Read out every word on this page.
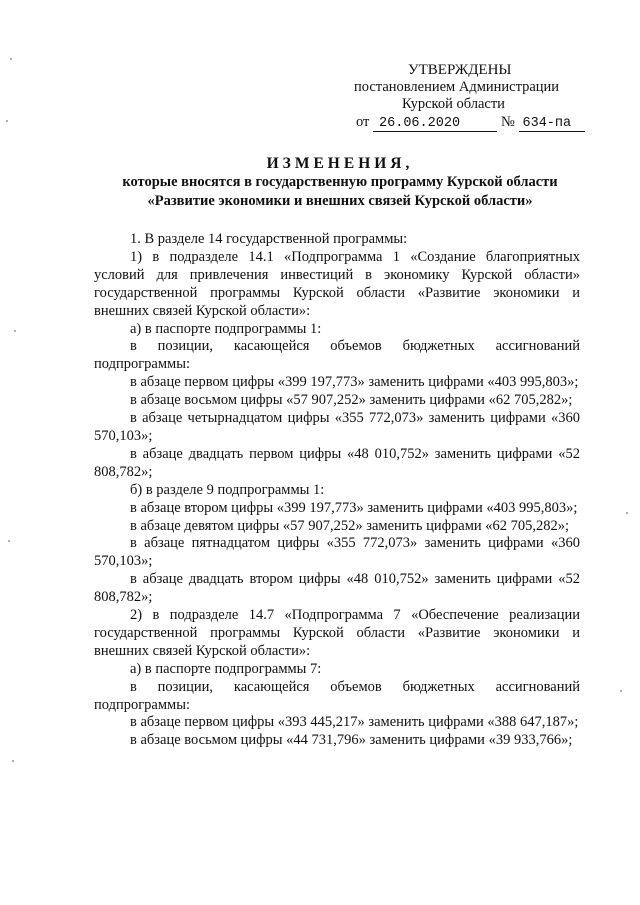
УТВЕРЖДЕНЫ
постановлением Администрации
Курской области
от 26.06.2020	№ 634-па
ИЗМЕНЕНИЯ,
которые вносятся в государственную программу Курской области
«Развитие экономики и внешних связей Курской области»

1. В разделе 14 государственной программы:

1) в подразделе 14.1 «Подпрограмма 1 «Создание благоприятных условий для привлечения инвестиций в экономику Курской области» государственной программы Курской области «Развитие экономики и внешних связей Курской области»:

а) в паспорте подпрограммы 1:

в позиции, касающейся объемов бюджетных ассигнований подпрограммы:

в абзаце первом цифры «399 197,773» заменить цифрами «403 995,803»;

в абзаце восьмом цифры «57 907,252» заменить цифрами «62 705,282»;

в абзаце четырнадцатом цифры «355 772,073» заменить цифрами «360 570,103»;

в абзаце двадцать первом цифры «48 010,752» заменить цифрами «52 808,782»;

б) в разделе 9 подпрограммы 1:

в абзаце втором цифры «399 197,773» заменить цифрами «403 995,803»;

в абзаце девятом цифры «57 907,252» заменить цифрами «62 705,282»;

в абзаце пятнадцатом цифры «355 772,073» заменить цифрами «360 570,103»;

в абзаце двадцать втором цифры «48 010,752» заменить цифрами «52 808,782»;

2) в подразделе 14.7 «Подпрограмма 7 «Обеспечение реализации государственной программы Курской области «Развитие экономики и внешних связей Курской области»:

а) в паспорте подпрограммы 7:

в позиции, касающейся объемов бюджетных ассигнований подпрограммы:

в абзаце первом цифры «393 445,217» заменить цифрами «388 647,187»;

в абзаце восьмом цифры «44 731,796» заменить цифрами «39 933,766»;
